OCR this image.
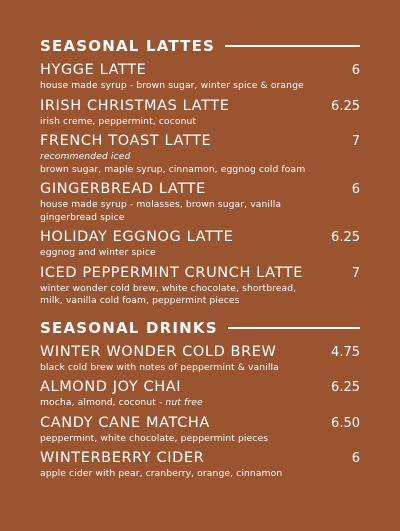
SEASONAL LATTES
HYGGE LATTE	6
house made syrup - brown sugar, winter spice & orange
IRISH CHRISTMAS LATTE	6.25
irish creme, peppermint, coconut
FRENCH TOAST LATTE	7
recommended iced
brown sugar, maple syrup, cinnamon, eggnog cold foam
GINGERBREAD LATTE	6
house made syrup - molasses, brown sugar, vanilla
gingerbread spice
HOLIDAY EGGNOG LATTE	6.25
eggnog and winter spice
ICED PEPPERMINT CRUNCH LATTE	7
winter wonder cold brew, white chocolate, shortbread,
milk, vanilla cold foam, peppermint pieces
SEASONAL DRINKS
WINTER WONDER COLD BREW	4.75
black cold brew with notes of peppermint & vanilla
ALMOND JOY CHAI	6.25
mocha, almond, coconut - nut free
CANDY CANE MATCHA	6.50
peppermint, white chocolate, peppermint pieces
WINTERBERRY CIDER	6
apple cider with pear, cranberry, orange, cinnamon
